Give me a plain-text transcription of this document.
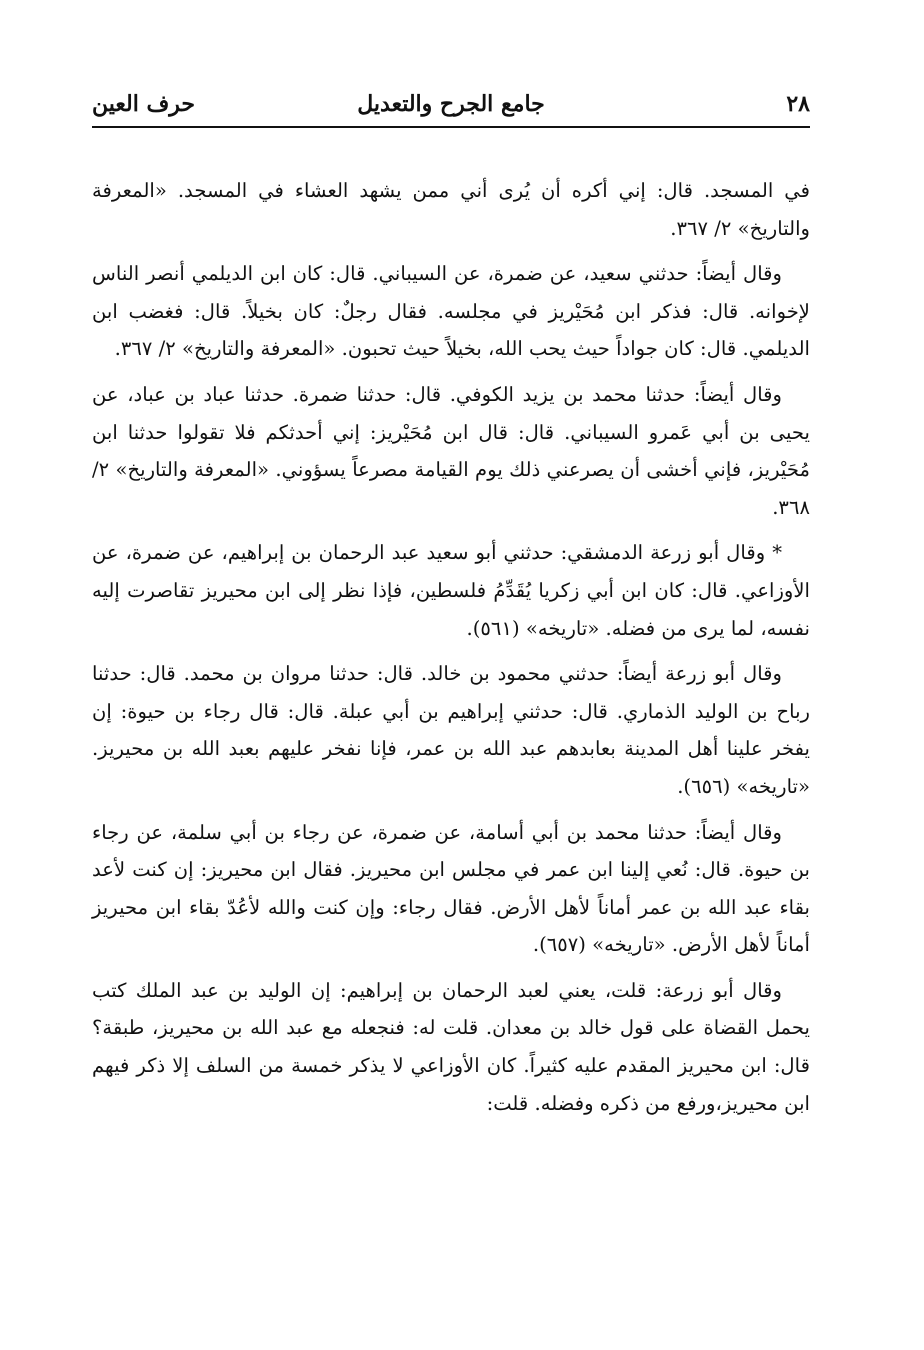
٢٨
جامع الجرح والتعديل
حرف العين

في المسجد. قال: إني أكره أن يُرى أني ممن يشهد العشاء في المسجد. «المعرفة والتاريخ» ٢/ ٣٦٧.

وقال أيضاً: حدثني سعيد، عن ضمرة، عن السيباني. قال: كان ابن الديلمي أنصر الناس لإخوانه. قال: فذكر ابن مُحَيْريز في مجلسه. فقال رجلٌ: كان بخيلاً. قال: فغضب ابن الديلمي. قال: كان جواداً حيث يحب الله، بخيلاً حيث تحبون. «المعرفة والتاريخ» ٢/ ٣٦٧.

وقال أيضاً: حدثنا محمد بن يزيد الكوفي. قال: حدثنا ضمرة. حدثنا عباد بن عباد، عن يحيى بن أبي عَمرو السيباني. قال: قال ابن مُحَيْريز: إني أحدثكم فلا تقولوا حدثنا ابن مُحَيْريز، فإني أخشى أن يصرعني ذلك يوم القيامة مصرعاً يسؤوني. «المعرفة والتاريخ» ٢/ ٣٦٨.

* وقال أبو زرعة الدمشقي: حدثني أبو سعيد عبد الرحمان بن إبراهيم، عن ضمرة، عن الأوزاعي. قال: كان ابن أبي زكريا يُقَدِّمُ فلسطين، فإذا نظر إلى ابن محيريز تقاصرت إليه نفسه، لما يرى من فضله. «تاريخه» (٥٦١).

وقال أبو زرعة أيضاً: حدثني محمود بن خالد. قال: حدثنا مروان بن محمد. قال: حدثنا رباح بن الوليد الذماري. قال: حدثني إبراهيم بن أبي عبلة. قال: قال رجاء بن حيوة: إن يفخر علينا أهل المدينة بعابدهم عبد الله بن عمر، فإنا نفخر عليهم بعبد الله بن محيريز. «تاريخه» (٦٥٦).

وقال أيضاً: حدثنا محمد بن أبي أسامة، عن ضمرة، عن رجاء بن أبي سلمة، عن رجاء بن حيوة. قال: نُعي إلينا ابن عمر في مجلس ابن محيريز. فقال ابن محيريز: إن كنت لأعد بقاء عبد الله بن عمر أماناً لأهل الأرض. فقال رجاء: وإن كنت والله لأعُدّ بقاء ابن محيريز أماناً لأهل الأرض. «تاريخه» (٦٥٧).

وقال أبو زرعة: قلت، يعني لعبد الرحمان بن إبراهيم: إن الوليد بن عبد الملك كتب يحمل القضاة على قول خالد بن معدان. قلت له: فنجعله مع عبد الله بن محيريز، طبقة؟ قال: ابن محيريز المقدم عليه كثيراً. كان الأوزاعي لا يذكر خمسة من السلف إلا ذكر فيهم ابن محيريز،ورفع من ذكره وفضله. قلت:
